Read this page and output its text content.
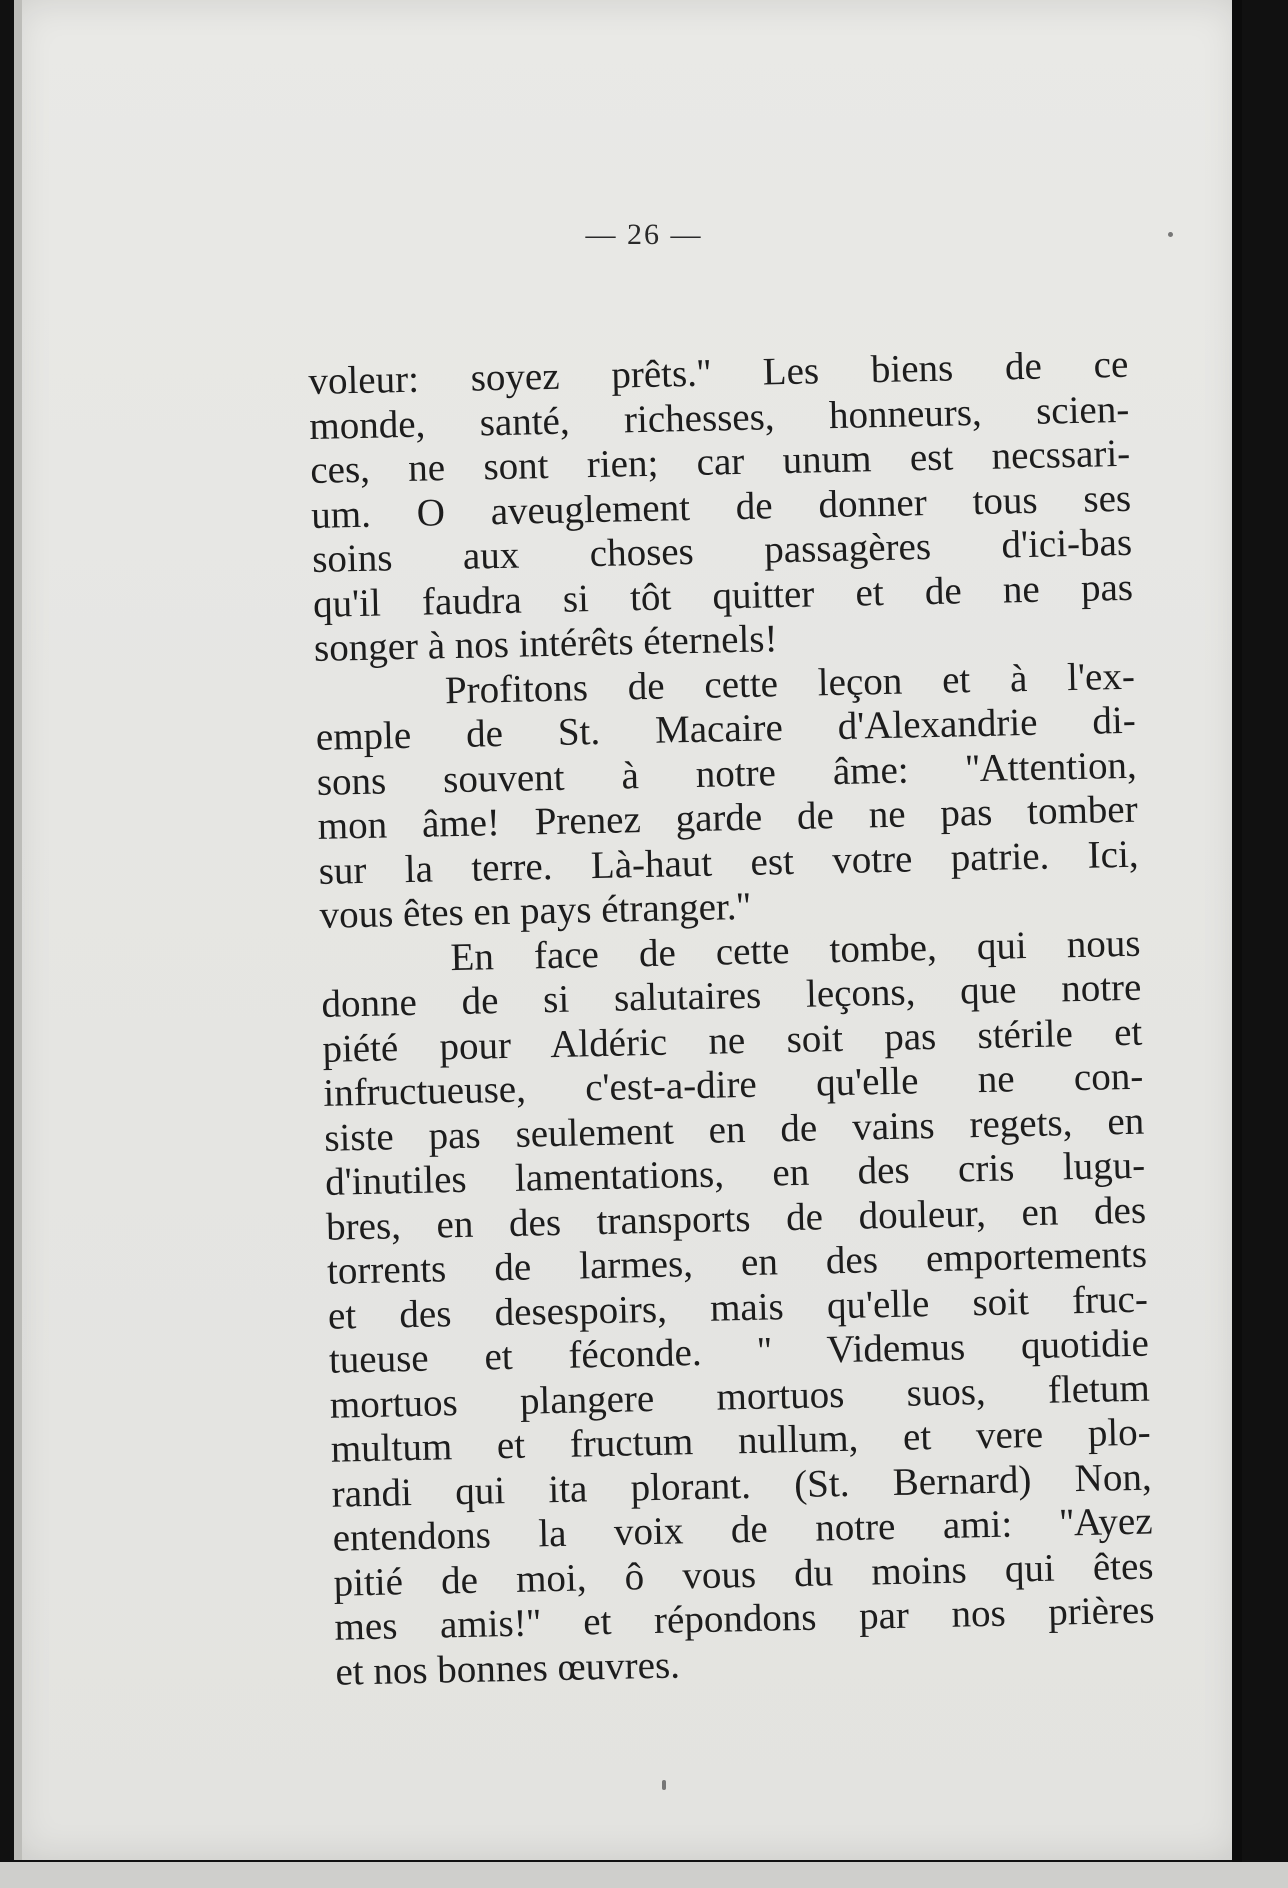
— 26 —
voleur: soyez prêts.'' Les biens de ce
monde, santé, richesses, honneurs, scien-
ces, ne sont rien; car unum est necssari-
um. O aveuglement de donner tous ses
soins aux choses passagères d'ici-bas
qu'il faudra si tôt quitter et de ne pas
songer à nos intérêts éternels!
Profitons de cette leçon et à l'ex-
emple de St. Macaire d'Alexandrie di-
sons souvent à notre âme: ''Attention,
mon âme! Prenez garde de ne pas tomber
sur la terre. Là-haut est votre patrie. Ici,
vous êtes en pays étranger.''
En face de cette tombe, qui nous
donne de si salutaires leçons, que notre
piété pour Aldéric ne soit pas stérile et
infructueuse, c'est-a-dire qu'elle ne con-
siste pas seulement en de vains regets, en
d'inutiles lamentations, en des cris lugu-
bres, en des transports de douleur, en des
torrents de larmes, en des emportements
et des desespoirs, mais qu'elle soit fruc-
tueuse et féconde. '' Videmus quotidie
mortuos plangere mortuos suos, fletum
multum et fructum nullum, et vere plo-
randi qui ita plorant. (St. Bernard) Non,
entendons la voix de notre ami: ''Ayez
pitié de moi, ô vous du moins qui êtes
mes amis!'' et répondons par nos prières
et nos bonnes œuvres.
